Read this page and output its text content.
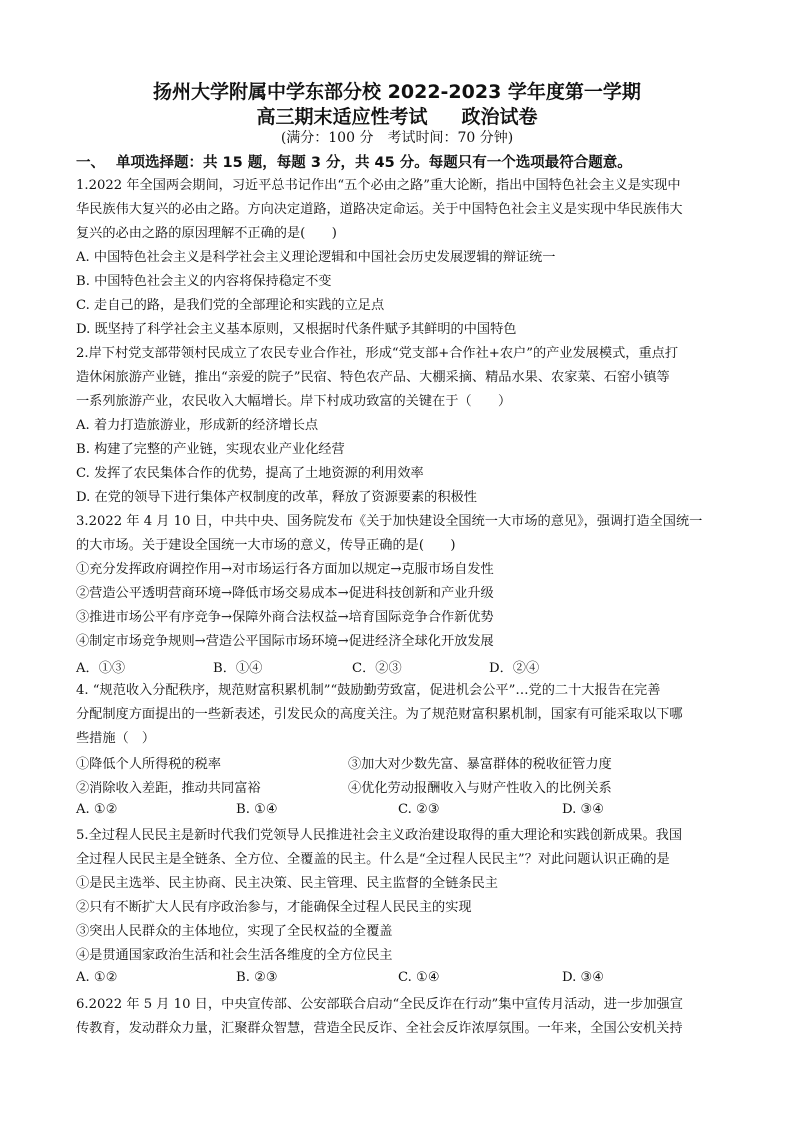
扬州大学附属中学东部分校 2022-2023 学年度第一学期
高三期末适应性考试 政治试卷
(满分：100 分 考试时间：70 分钟)
一、 单项选择题：共 15 题，每题 3 分，共 45 分。每题只有一个选项最符合题意。
1.2022 年全国两会期间，习近平总书记作出“五个必由之路”重大论断，指出中国特色社会主义是实现中
华民族伟大复兴的必由之路。方向决定道路，道路决定命运。关于中国特色社会主义是实现中华民族伟大
复兴的必由之路的原因理解不正确的是(　　)
A. 中国特色社会主义是科学社会主义理论逻辑和中国社会历史发展逻辑的辩证统一
B. 中国特色社会主义的内容将保持稳定不变
C. 走自己的路，是我们党的全部理论和实践的立足点
D. 既坚持了科学社会主义基本原则，又根据时代条件赋予其鲜明的中国特色
2.岸下村党支部带领村民成立了农民专业合作社，形成“党支部+合作社+农户”的产业发展模式，重点打
造休闲旅游产业链，推出“亲爱的院子”民宿、特色农产品、大棚采摘、精品水果、农家菜、石窑小镇等
一系列旅游产业，农民收入大幅增长。岸下村成功致富的关键在于（　　）
A. 着力打造旅游业，形成新的经济增长点
B. 构建了完整的产业链，实现农业产业化经营
C. 发挥了农民集体合作的优势，提高了土地资源的利用效率
D. 在党的领导下进行集体产权制度的改革，释放了资源要素的积极性
3.2022 年 4 月 10 日，中共中央、国务院发布《关于加快建设全国统一大市场的意见》，强调打造全国统一
的大市场。关于建设全国统一大市场的意义，传导正确的是(　　)
①充分发挥政府调控作用→对市场运行各方面加以规定→克服市场自发性
②营造公平透明营商环境→降低市场交易成本→促进科技创新和产业升级
③推进市场公平有序竞争→保障外商合法权益→培育国际竞争合作新优势
④制定市场竞争规则→营造公平国际市场环境→促进经济全球化开放发展
A．①③	B．①④	C．②③	D．②④
4. “规范收入分配秩序，规范财富积累机制”“鼓励勤劳致富，促进机会公平”…党的二十大报告在完善
分配制度方面提出的一些新表述，引发民众的高度关注。为了规范财富积累机制，国家有可能采取以下哪
些措施（　）
①降低个人所得税的税率	③加大对少数先富、暴富群体的税收征管力度
②消除收入差距，推动共同富裕	④优化劳动报酬收入与财产性收入的比例关系
A. ①②	B. ①④	C. ②③	D. ③④
5.全过程人民民主是新时代我们党领导人民推进社会主义政治建设取得的重大理论和实践创新成果。我国
全过程人民民主是全链条、全方位、全覆盖的民主。什么是“全过程人民民主”？对此问题认识正确的是
①是民主选举、民主协商、民主决策、民主管理、民主监督的全链条民主
②只有不断扩大人民有序政治参与，才能确保全过程人民民主的实现
③突出人民群众的主体地位，实现了全民权益的全覆盖
④是贯通国家政治生活和社会生活各维度的全方位民主
A. ①②	B. ②③	C. ①④	D. ③④
6.2022 年 5 月 10 日，中央宣传部、公安部联合启动“全民反诈在行动”集中宣传月活动，进一步加强宣
传教育，发动群众力量，汇聚群众智慧，营造全民反诈、全社会反诈浓厚氛围。一年来，全国公安机关持
